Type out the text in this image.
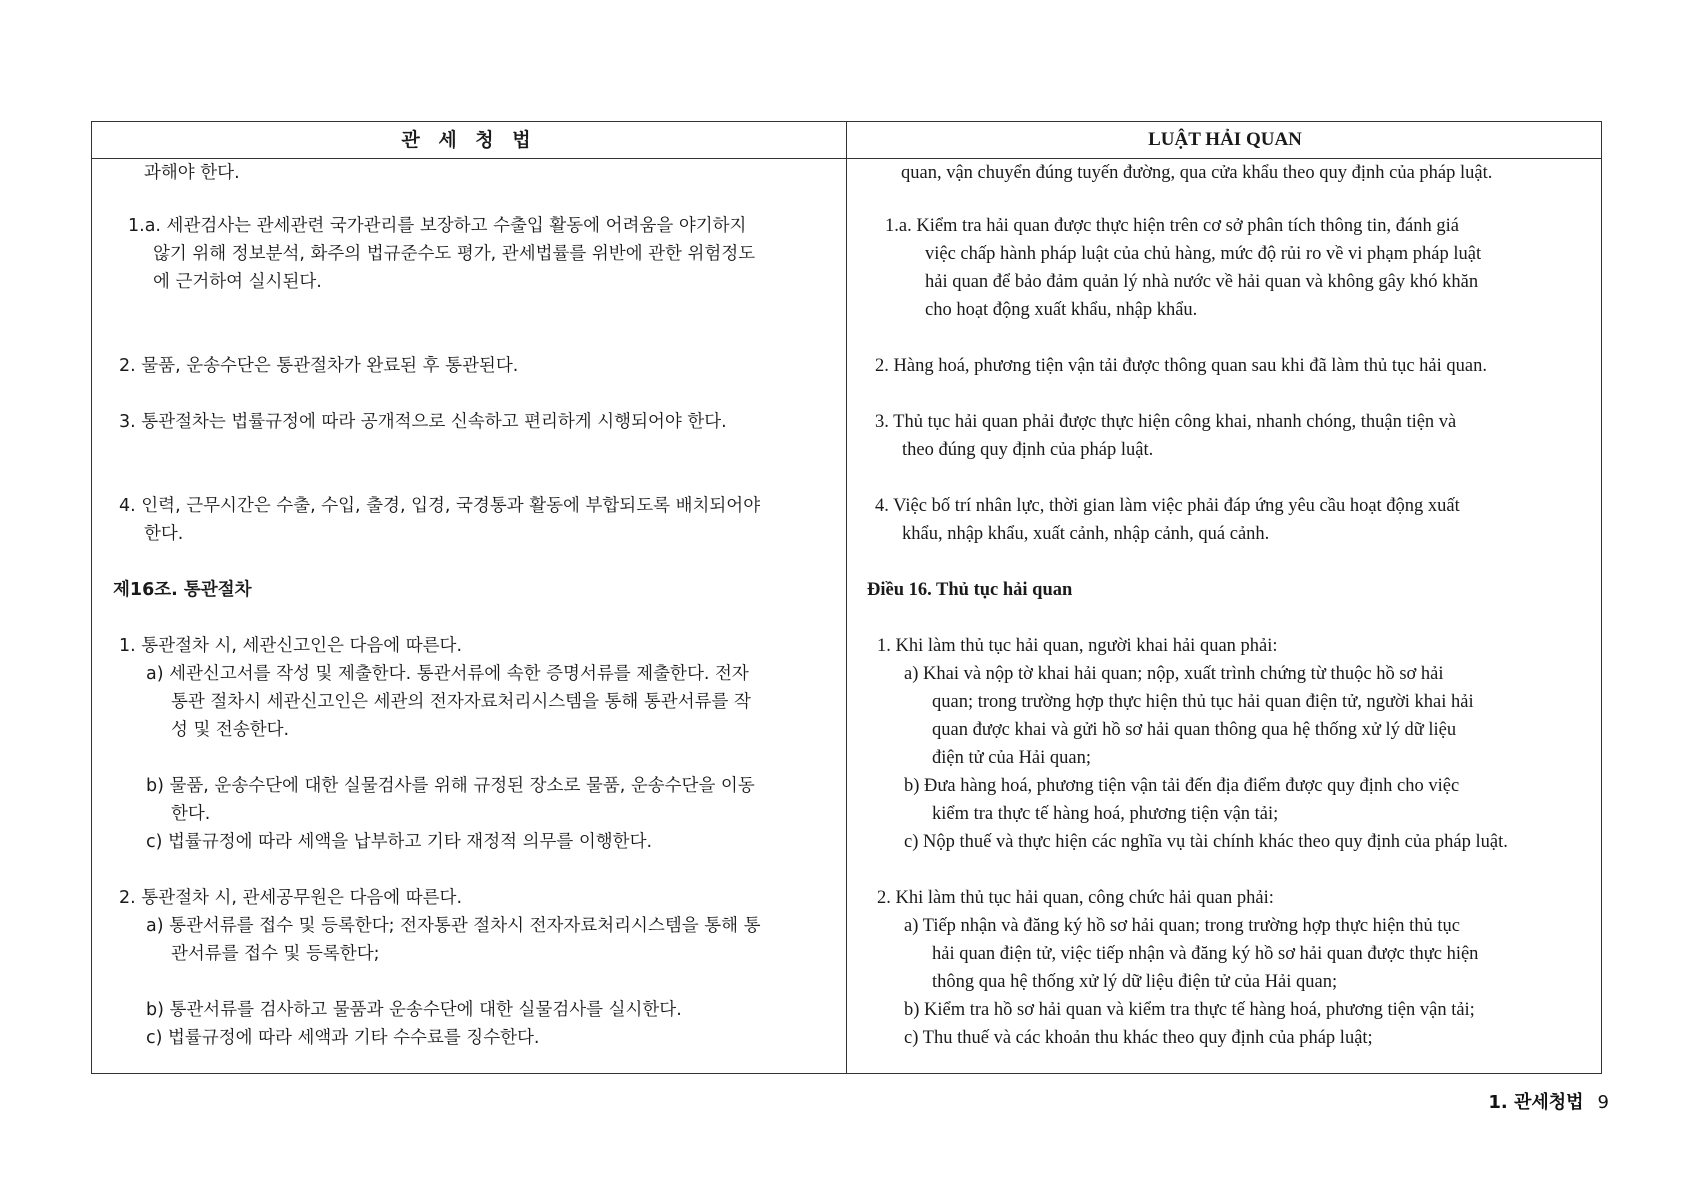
관 세 청 법	LUẬT HẢI QUAN
과해야 한다.
1.a. 세관검사는 관세관련 국가관리를 보장하고 수출입 활동에 어려움을 야기하지
않기 위해 정보분석, 화주의 법규준수도 평가, 관세법률를 위반에 관한 위험정도
에 근거하여 실시된다.
2. 물품, 운송수단은 통관절차가 완료된 후 통관된다.
3. 통관절차는 법률규정에 따라 공개적으로 신속하고 편리하게 시행되어야 한다.
4. 인력, 근무시간은 수출, 수입, 출경, 입경, 국경통과 활동에 부합되도록 배치되어야
한다.
제16조. 통관절차
1. 통관절차 시, 세관신고인은 다음에 따른다.
a) 세관신고서를 작성 및 제출한다. 통관서류에 속한 증명서류를 제출한다. 전자
통관 절차시 세관신고인은 세관의 전자자료처리시스템을 통해 통관서류를 작
성 및 전송한다.
b) 물품, 운송수단에 대한 실물검사를 위해 규정된 장소로 물품, 운송수단을 이동
한다.
c) 법률규정에 따라 세액을 납부하고 기타 재정적 의무를 이행한다.
2. 통관절차 시, 관세공무원은 다음에 따른다.
a) 통관서류를 접수 및 등록한다; 전자통관 절차시 전자자료처리시스템을 통해 통
관서류를 접수 및 등록한다;
b) 통관서류를 검사하고 물품과 운송수단에 대한 실물검사를 실시한다.
c) 법률규정에 따라 세액과 기타 수수료를 징수한다.
quan, vận chuyển đúng tuyến đường, qua cửa khẩu theo quy định của pháp luật.
1.a. Kiểm tra hải quan được thực hiện trên cơ sở phân tích thông tin, đánh giá
việc chấp hành pháp luật của chủ hàng, mức độ rủi ro về vi phạm pháp luật
hải quan để bảo đảm quản lý nhà nước về hải quan và không gây khó khăn
cho hoạt động xuất khẩu, nhập khẩu.
2. Hàng hoá, phương tiện vận tải được thông quan sau khi đã làm thủ tục hải quan.
3. Thủ tục hải quan phải được thực hiện công khai, nhanh chóng, thuận tiện và
theo đúng quy định của pháp luật.
4. Việc bố trí nhân lực, thời gian làm việc phải đáp ứng yêu cầu hoạt động xuất
khẩu, nhập khẩu, xuất cảnh, nhập cảnh, quá cảnh.
Điều 16. Thủ tục hải quan
1. Khi làm thủ tục hải quan, người khai hải quan phải:
a) Khai và nộp tờ khai hải quan; nộp, xuất trình chứng từ thuộc hồ sơ hải
quan; trong trường hợp thực hiện thủ tục hải quan điện tử, người khai hải
quan được khai và gửi hồ sơ hải quan thông qua hệ thống xử lý dữ liệu
điện tử của Hải quan;
b) Đưa hàng hoá, phương tiện vận tải đến địa điểm được quy định cho việc
kiểm tra thực tế hàng hoá, phương tiện vận tải;
c) Nộp thuế và thực hiện các nghĩa vụ tài chính khác theo quy định của pháp luật.
2. Khi làm thủ tục hải quan, công chức hải quan phải:
a) Tiếp nhận và đăng ký hồ sơ hải quan; trong trường hợp thực hiện thủ tục
hải quan điện tử, việc tiếp nhận và đăng ký hồ sơ hải quan được thực hiện
thông qua hệ thống xử lý dữ liệu điện tử của Hải quan;
b) Kiểm tra hồ sơ hải quan và kiểm tra thực tế hàng hoá, phương tiện vận tải;
c) Thu thuế và các khoản thu khác theo quy định của pháp luật;
1. 관세청법 9
